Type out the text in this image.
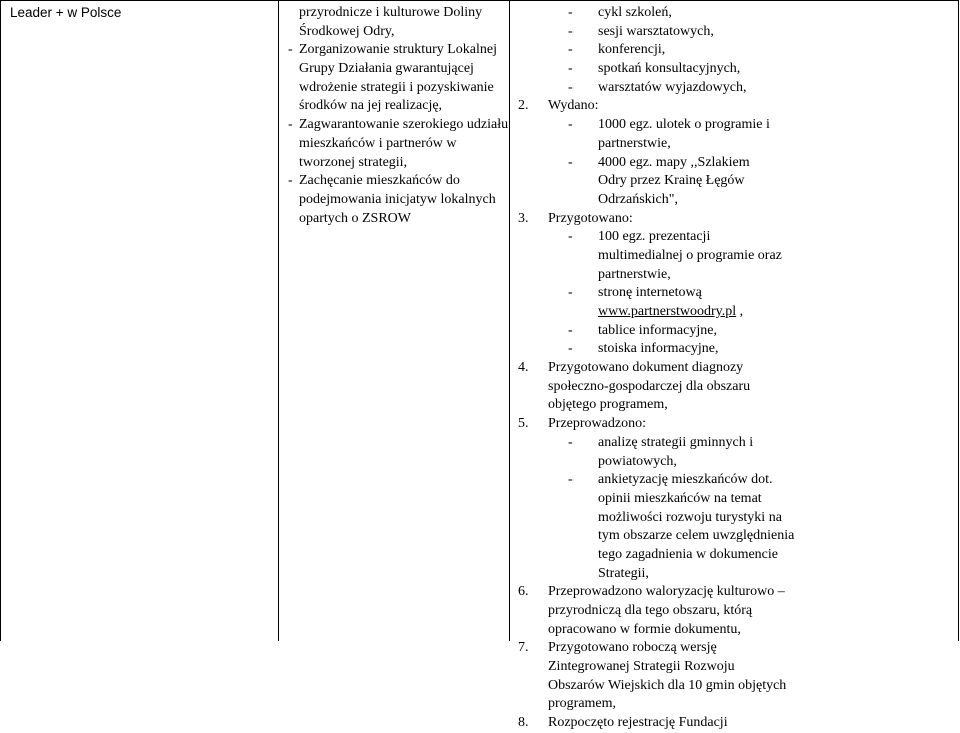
Leader + w Polsce	przyrodnicze i kulturowe Doliny
Środkowej Odry,
- Zorganizowanie struktury Lokalnej
Grupy Działania gwarantującej
wdrożenie strategii i pozyskiwanie
środków na jej realizację,
- Zagwarantowanie szerokiego udziału
mieszkańców i partnerów w
tworzonej strategii,
- Zachęcanie mieszkańców do
podejmowania inicjatyw lokalnych
opartych o ZSROW
- cykl szkoleń,
- sesji warsztatowych,
- konferencji,
- spotkań konsultacyjnych,
- warsztatów wyjazdowych,
2. Wydano:
- 1000 egz. ulotek o programie i
partnerstwie,
- 4000 egz. mapy ,,Szlakiem
Odry przez Krainę Łęgów
Odrzańskich",
3. Przygotowano:
- 100 egz. prezentacji
multimedialnej o programie oraz
partnerstwie,
- stronę internetową
www.partnerstwoodry.pl ,
- tablice informacyjne,
- stoiska informacyjne,
4. Przygotowano dokument diagnozy
społeczno-gospodarczej dla obszaru
objętego programem,
5. Przeprowadzono:
- analizę strategii gminnych i
powiatowych,
- ankietyzację mieszkańców dot.
opinii mieszkańców na temat
możliwości rozwoju turystyki na
tym obszarze celem uwzględnienia
tego zagadnienia w dokumencie
Strategii,
6. Przeprowadzono waloryzację kulturowo –
przyrodniczą dla tego obszaru, którą
opracowano w formie dokumentu,
7. Przygotowano roboczą wersję
Zintegrowanej Strategii Rozwoju
Obszarów Wiejskich dla 10 gmin objętych
programem,
8. Rozpoczęto rejestrację Fundacji
